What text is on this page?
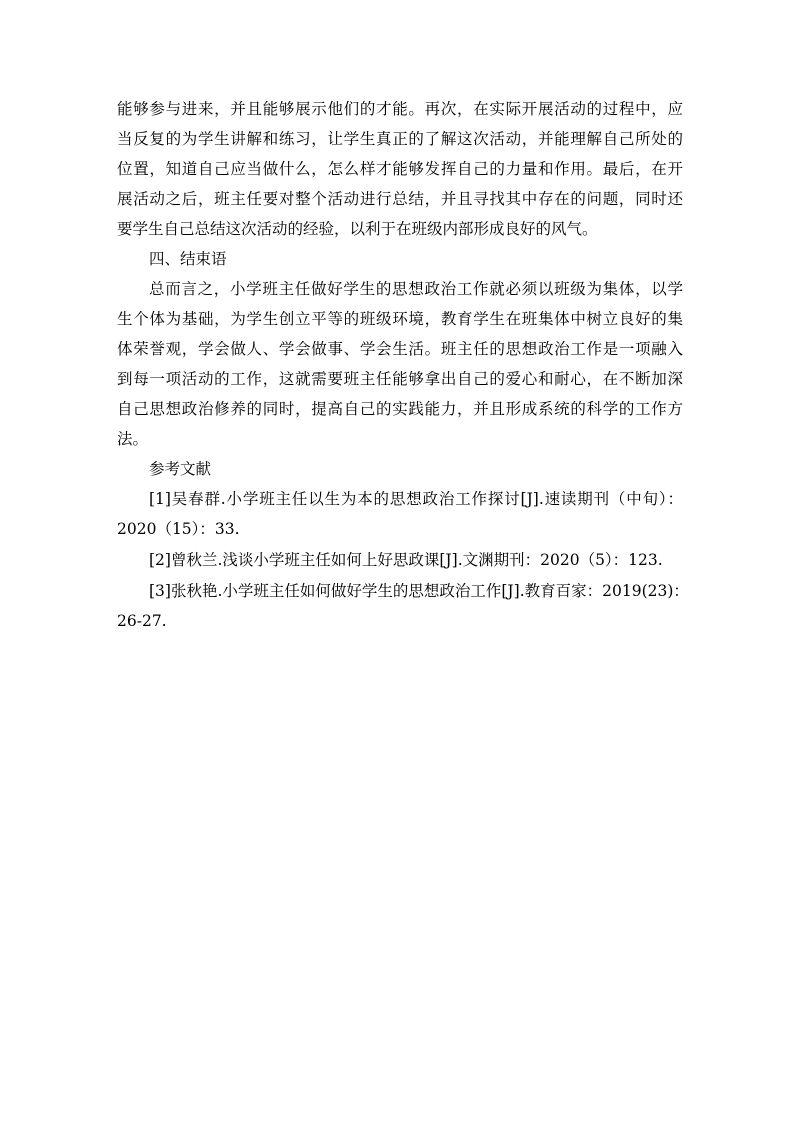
能够参与进来，并且能够展示他们的才能。再次，在实际开展活动的过程中，应
当反复的为学生讲解和练习，让学生真正的了解这次活动，并能理解自己所处的
位置，知道自己应当做什么，怎么样才能够发挥自己的力量和作用。最后，在开
展活动之后，班主任要对整个活动进行总结，并且寻找其中存在的问题，同时还
要学生自己总结这次活动的经验，以利于在班级内部形成良好的风气。
四、结束语
总而言之，小学班主任做好学生的思想政治工作就必须以班级为集体，以学
生个体为基础，为学生创立平等的班级环境，教育学生在班集体中树立良好的集
体荣誉观，学会做人、学会做事、学会生活。班主任的思想政治工作是一项融入
到每一项活动的工作，这就需要班主任能够拿出自己的爱心和耐心，在不断加深
自己思想政治修养的同时，提高自己的实践能力，并且形成系统的科学的工作方
法。
参考文献
[1]吴春群.小学班主任以生为本的思想政治工作探讨[J].速读期刊（中旬）：
2020（15）：33.
[2]曾秋兰.浅谈小学班主任如何上好思政课[J].文渊期刊：2020（5）：123.
[3]张秋艳.小学班主任如何做好学生的思想政治工作[J].教育百家：2019(23)：
26-27.
